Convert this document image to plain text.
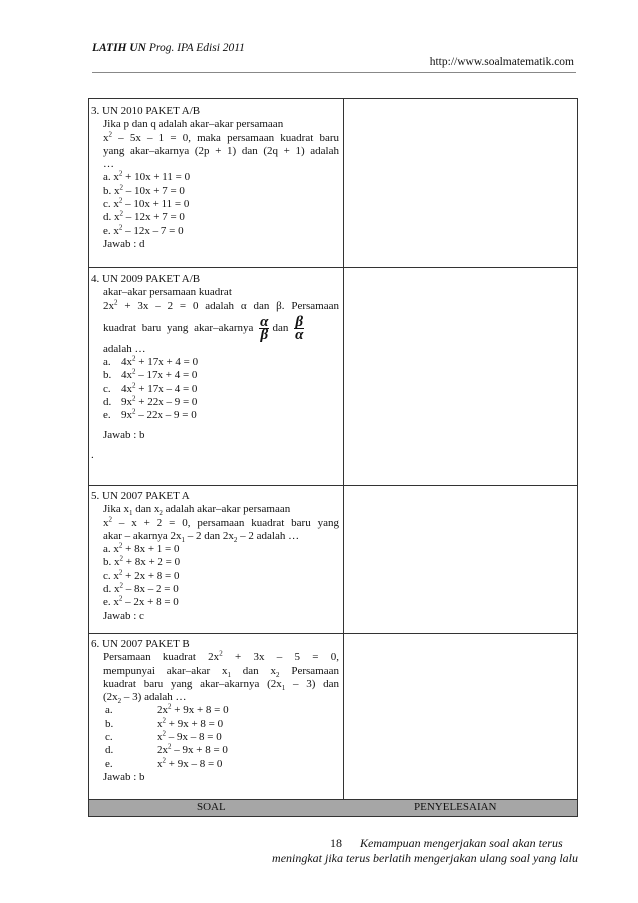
LATIH UN Prog. IPA Edisi 2011
http://www.soalmatematik.com
3. UN 2010 PAKET A/B
Jika p dan q adalah akar–akar persamaan
$x^2 - 5x - 1 = 0$, maka persamaan kuadrat baru
yang akar–akarnya (2p + 1) dan (2q + 1) adalah
…
a. $x^2 + 10x + 11 = 0$
b. $x^2 - 10x + 7 = 0$
c. $x^2 - 10x + 11 = 0$
d. $x^2 - 12x + 7 = 0$
e. $x^2 - 12x - 7 = 0$
Jawab : d
4. UN 2009 PAKET A/B
akar–akar persamaan kuadrat
$2x^2 + 3x - 2 = 0$ adalah α dan β. Persamaan
kuadrat baru yang akar–akarnya $\frac{\alpha}{\beta}$ dan $\frac{\beta}{\alpha}$
adalah …
a. $4x^2 + 17x + 4 = 0$
b. $4x^2 - 17x + 4 = 0$
c. $4x^2 + 17x - 4 = 0$
d. $9x^2 + 22x - 9 = 0$
e. $9x^2 - 22x - 9 = 0$
Jawab : b
.
5. UN 2007 PAKET A
Jika $x_1$ dan $x_2$ adalah akar–akar persamaan
$x^2 - x + 2 = 0$, persamaan kuadrat baru yang
akar – akarnya $2x_1 - 2$ dan $2x_2 - 2$ adalah …
a. $x^2 + 8x + 1 = 0$
b. $x^2 + 8x + 2 = 0$
c. $x^2 + 2x + 8 = 0$
d. $x^2 - 8x - 2 = 0$
e. $x^2 - 2x + 8 = 0$
Jawab : c
6. UN 2007 PAKET B
Persamaan kuadrat $2x^2 + 3x - 5 = 0$,
mempunyai akar–akar $x_1$ dan $x_2$ Persamaan
kuadrat baru yang akar–akarnya $(2x_1 - 3)$ dan
$(2x_2 - 3)$ adalah …
a.	$2x^2 + 9x + 8 = 0$
b.	$x^2 + 9x + 8 = 0$
c.	$x^2 - 9x - 8 = 0$
d.	$2x^2 - 9x + 8 = 0$
e.	$x^2 + 9x - 8 = 0$
Jawab : b
SOAL	PENYELESAIAN
18 Kemampuan mengerjakan soal akan terus
meningkat jika terus berlatih mengerjakan ulang soal yang lalu
